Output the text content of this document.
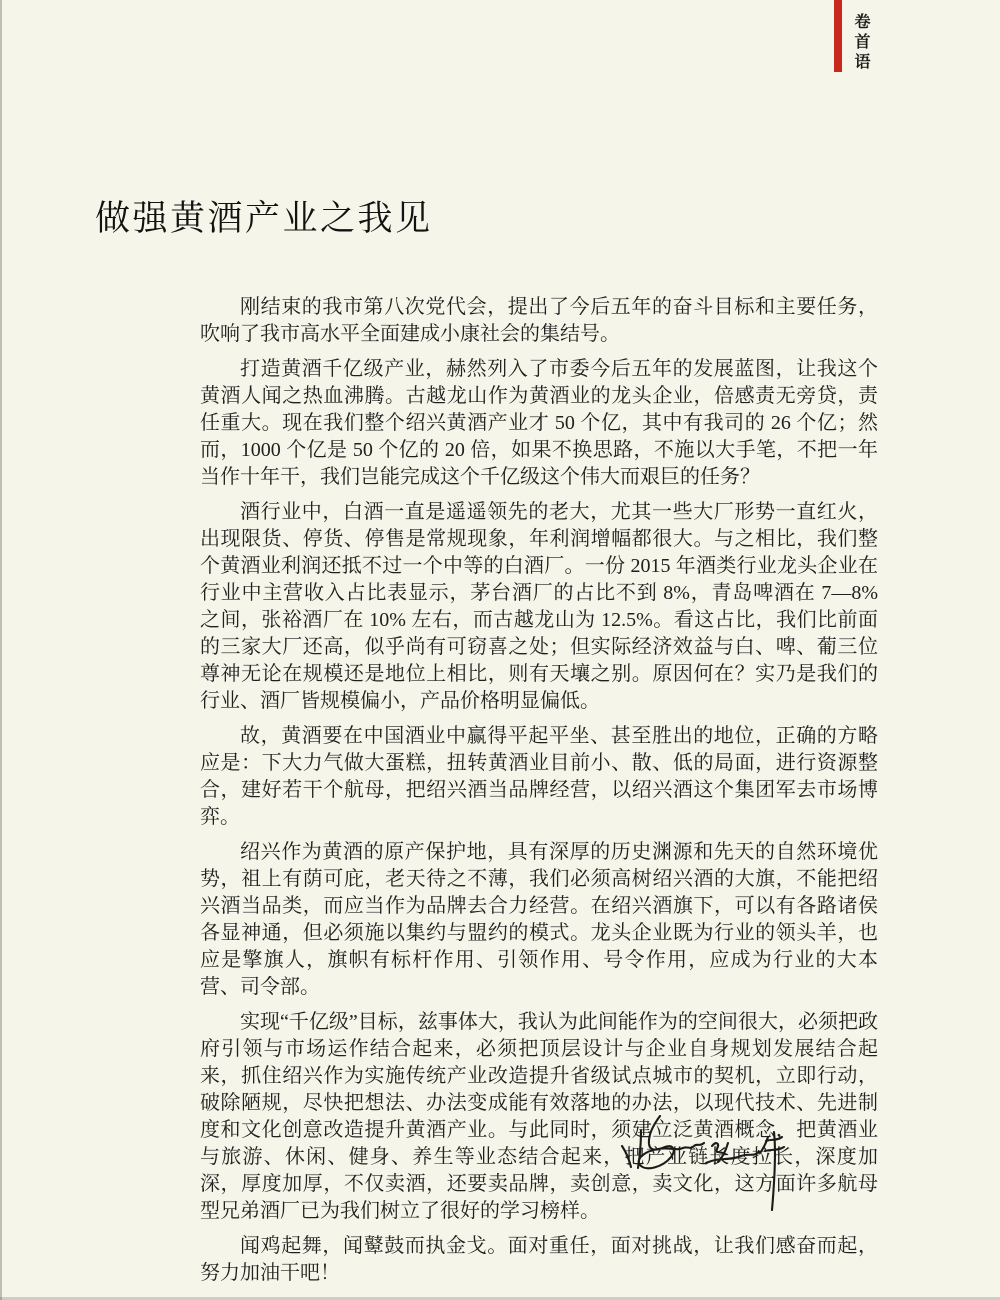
卷首语
做强黄酒产业之我见

刚结束的我市第八次党代会，提出了今后五年的奋斗目标和主要任务，吹响了我市高水平全面建成小康社会的集结号。

打造黄酒千亿级产业，赫然列入了市委今后五年的发展蓝图，让我这个黄酒人闻之热血沸腾。古越龙山作为黄酒业的龙头企业，倍感责无旁贷，责任重大。现在我们整个绍兴黄酒产业才 50 个亿，其中有我司的 26 个亿；然而，1000 个亿是 50 个亿的 20 倍，如果不换思路，不施以大手笔，不把一年当作十年干，我们岂能完成这个千亿级这个伟大而艰巨的任务？

酒行业中，白酒一直是遥遥领先的老大，尤其一些大厂形势一直红火，出现限货、停货、停售是常规现象，年利润增幅都很大。与之相比，我们整个黄酒业利润还抵不过一个中等的白酒厂。一份 2015 年酒类行业龙头企业在行业中主营收入占比表显示，茅台酒厂的占比不到 8%，青岛啤酒在 7—8% 之间，张裕酒厂在 10% 左右，而古越龙山为 12.5%。看这占比，我们比前面的三家大厂还高，似乎尚有可窃喜之处；但实际经济效益与白、啤、葡三位尊神无论在规模还是地位上相比，则有天壤之别。原因何在？实乃是我们的行业、酒厂皆规模偏小，产品价格明显偏低。

故，黄酒要在中国酒业中赢得平起平坐、甚至胜出的地位，正确的方略应是：下大力气做大蛋糕，扭转黄酒业目前小、散、低的局面，进行资源整合，建好若干个航母，把绍兴酒当品牌经营，以绍兴酒这个集团军去市场博弈。

绍兴作为黄酒的原产保护地，具有深厚的历史渊源和先天的自然环境优势，祖上有荫可庇，老天待之不薄，我们必须高树绍兴酒的大旗，不能把绍兴酒当品类，而应当作为品牌去合力经营。在绍兴酒旗下，可以有各路诸侯各显神通，但必须施以集约与盟约的模式。龙头企业既为行业的领头羊，也应是擎旗人，旗帜有标杆作用、引领作用、号令作用，应成为行业的大本营、司令部。

实现“千亿级”目标，兹事体大，我认为此间能作为的空间很大，必须把政府引领与市场运作结合起来，必须把顶层设计与企业自身规划发展结合起来，抓住绍兴作为实施传统产业改造提升省级试点城市的契机，立即行动，破除陋规，尽快把想法、办法变成能有效落地的办法，以现代技术、先进制度和文化创意改造提升黄酒产业。与此同时，须建立泛黄酒概念，把黄酒业与旅游、休闲、健身、养生等业态结合起来，把产业链长度拉长，深度加深，厚度加厚，不仅卖酒，还要卖品牌，卖创意，卖文化，这方面许多航母型兄弟酒厂已为我们树立了很好的学习榜样。

闻鸡起舞，闻鼙鼓而执金戈。面对重任，面对挑战，让我们感奋而起，努力加油干吧！
